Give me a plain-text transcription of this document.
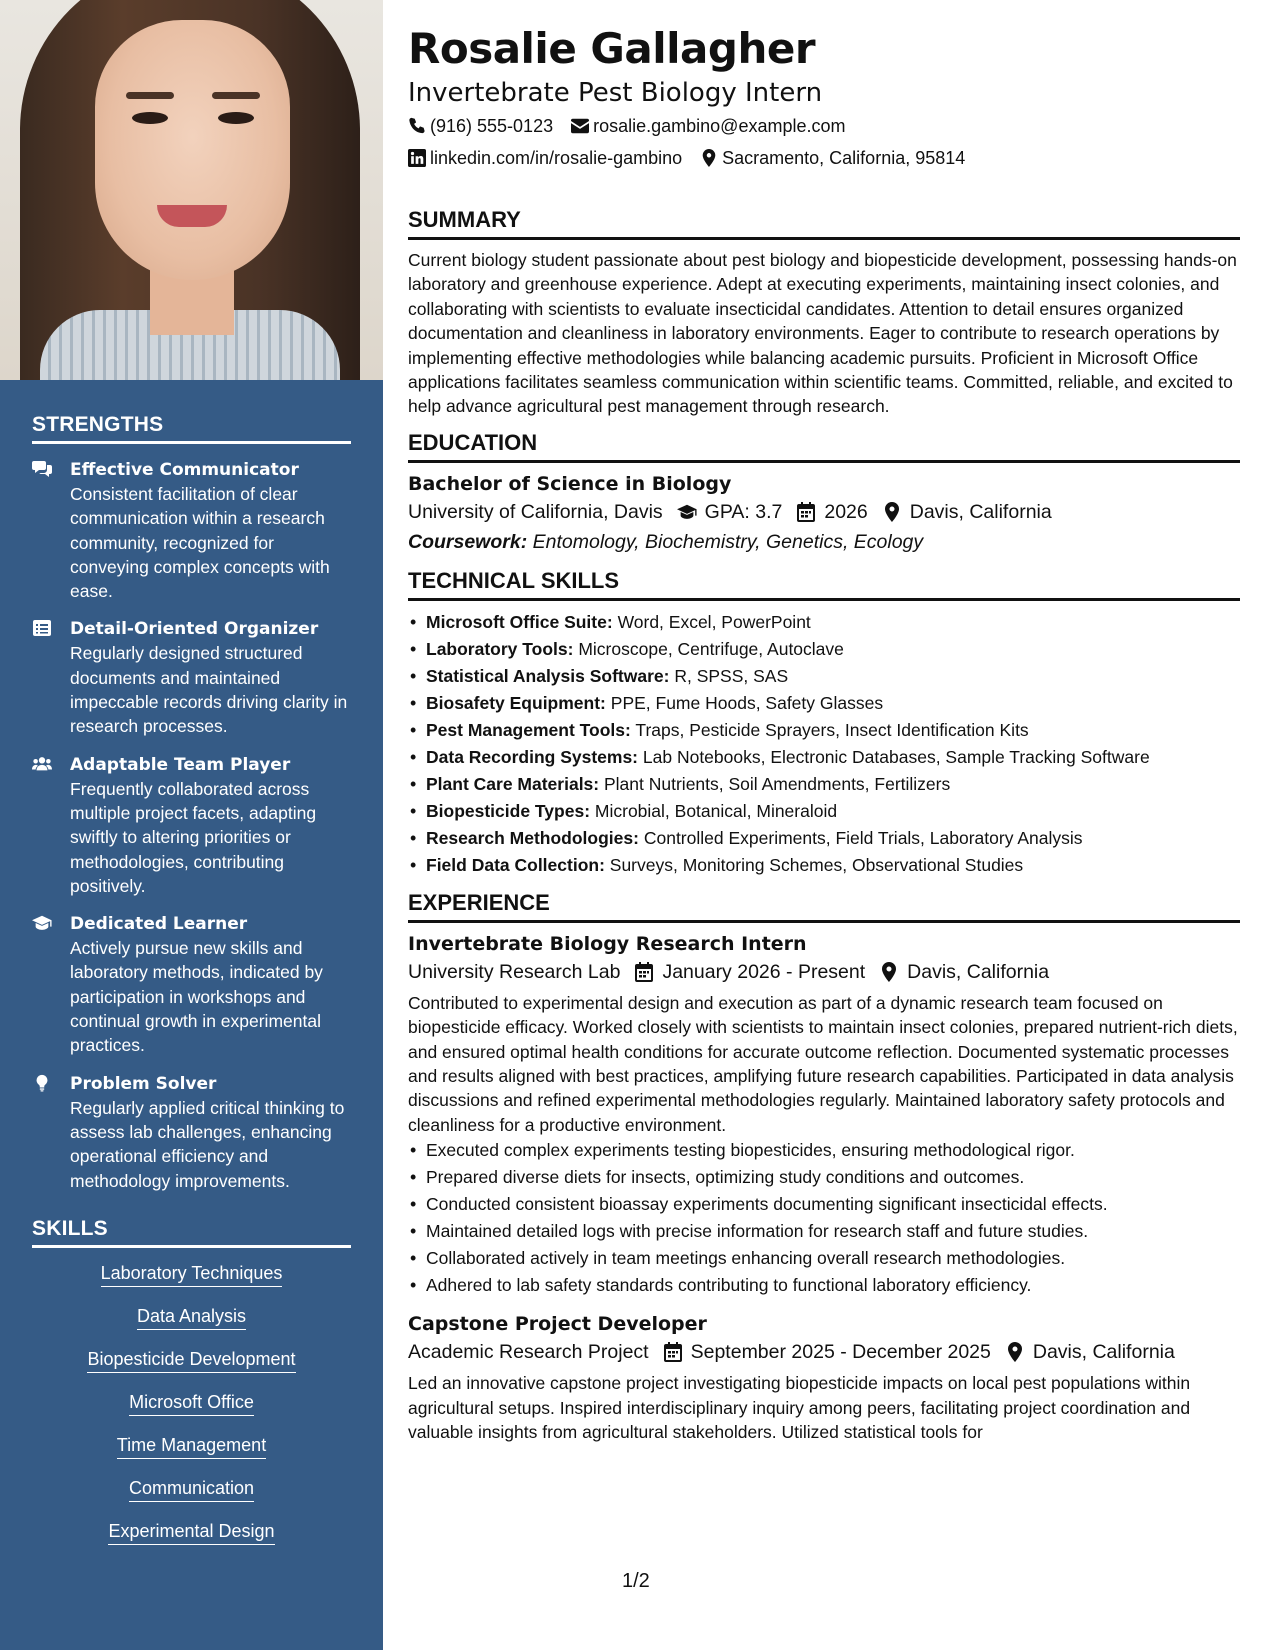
STRENGTHS
Effective Communicator
Consistent facilitation of clear communication within a research community, recognized for conveying complex concepts with ease.
Detail-Oriented Organizer
Regularly designed structured documents and maintained impeccable records driving clarity in research processes.
Adaptable Team Player
Frequently collaborated across multiple project facets, adapting swiftly to altering priorities or methodologies, contributing positively.
Dedicated Learner
Actively pursue new skills and laboratory methods, indicated by participation in workshops and continual growth in experimental practices.
Problem Solver
Regularly applied critical thinking to assess lab challenges, enhancing operational efficiency and methodology improvements.
SKILLS
Laboratory Techniques
Data Analysis
Biopesticide Development
Microsoft Office
Time Management
Communication
Experimental Design
Rosalie Gallagher
Invertebrate Pest Biology Intern
(916) 555-0123 rosalie.gambino@example.com
linkedin.com/in/rosalie-gambino Sacramento, California, 95814
SUMMARY
Current biology student passionate about pest biology and biopesticide development, possessing hands-on laboratory and greenhouse experience. Adept at executing experiments, maintaining insect colonies, and collaborating with scientists to evaluate insecticidal candidates. Attention to detail ensures organized documentation and cleanliness in laboratory environments. Eager to contribute to research operations by implementing effective methodologies while balancing academic pursuits. Proficient in Microsoft Office applications facilitates seamless communication within scientific teams. Committed, reliable, and excited to help advance agricultural pest management through research.
EDUCATION
Bachelor of Science in Biology
University of California, Davis GPA: 3.7 2026 Davis, California
Coursework: Entomology, Biochemistry, Genetics, Ecology
TECHNICAL SKILLS
• Microsoft Office Suite: Word, Excel, PowerPoint
• Laboratory Tools: Microscope, Centrifuge, Autoclave
• Statistical Analysis Software: R, SPSS, SAS
• Biosafety Equipment: PPE, Fume Hoods, Safety Glasses
• Pest Management Tools: Traps, Pesticide Sprayers, Insect Identification Kits
• Data Recording Systems: Lab Notebooks, Electronic Databases, Sample Tracking Software
• Plant Care Materials: Plant Nutrients, Soil Amendments, Fertilizers
• Biopesticide Types: Microbial, Botanical, Mineraloid
• Research Methodologies: Controlled Experiments, Field Trials, Laboratory Analysis
• Field Data Collection: Surveys, Monitoring Schemes, Observational Studies
EXPERIENCE
Invertebrate Biology Research Intern
University Research Lab January 2026 - Present Davis, California
Contributed to experimental design and execution as part of a dynamic research team focused on biopesticide efficacy. Worked closely with scientists to maintain insect colonies, prepared nutrient-rich diets, and ensured optimal health conditions for accurate outcome reflection. Documented systematic processes and results aligned with best practices, amplifying future research capabilities. Participated in data analysis discussions and refined experimental methodologies regularly. Maintained laboratory safety protocols and cleanliness for a productive environment.
• Executed complex experiments testing biopesticides, ensuring methodological rigor.
• Prepared diverse diets for insects, optimizing study conditions and outcomes.
• Conducted consistent bioassay experiments documenting significant insecticidal effects.
• Maintained detailed logs with precise information for research staff and future studies.
• Collaborated actively in team meetings enhancing overall research methodologies.
• Adhered to lab safety standards contributing to functional laboratory efficiency.
Capstone Project Developer
Academic Research Project September 2025 - December 2025 Davis, California
Led an innovative capstone project investigating biopesticide impacts on local pest populations within agricultural setups. Inspired interdisciplinary inquiry among peers, facilitating project coordination and valuable insights from agricultural stakeholders. Utilized statistical tools for
1/2
